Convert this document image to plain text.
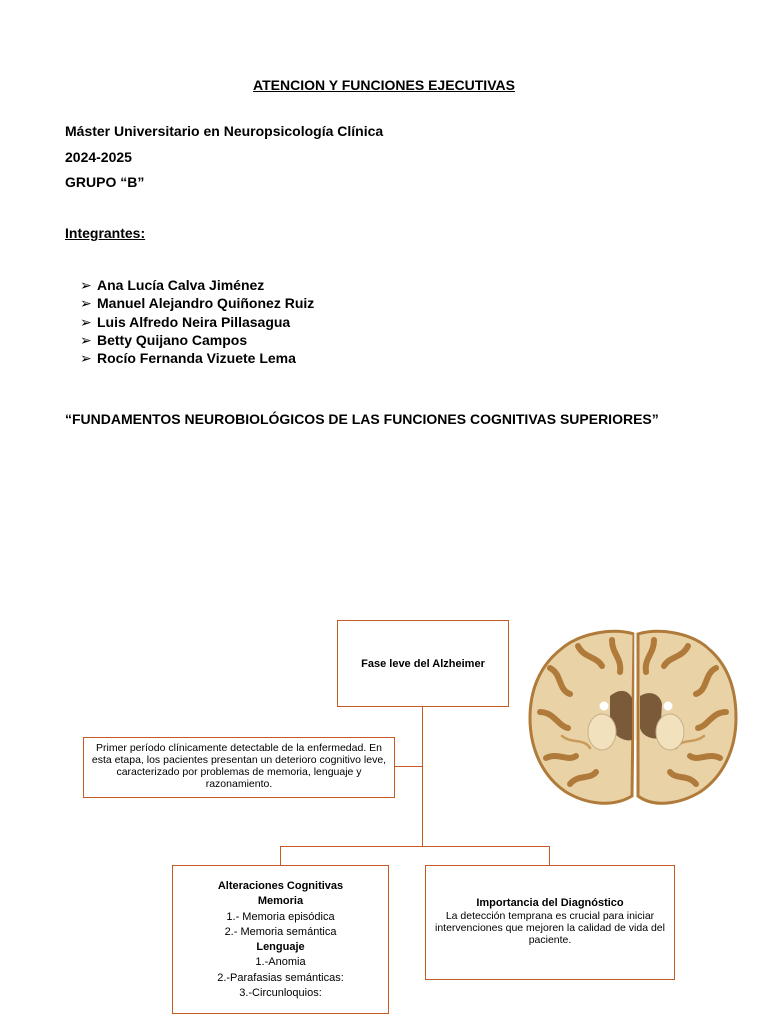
ATENCION Y FUNCIONES EJECUTIVAS
Máster Universitario en Neuropsicología Clínica
2024-2025
GRUPO “B”
Integrantes:
➢ Ana Lucía Calva Jiménez
➢ Manuel Alejandro Quiñonez Ruiz
➢ Luis Alfredo Neira Pillasagua
➢ Betty Quijano Campos
➢ Rocío Fernanda Vizuete Lema
“FUNDAMENTOS NEUROBIOLÓGICOS DE LAS FUNCIONES COGNITIVAS SUPERIORES”
Fase leve del Alzheimer
Primer período clínicamente detectable de la enfermedad. En esta etapa, los pacientes presentan un deterioro cognitivo leve, caracterizado por problemas de memoria, lenguaje y razonamiento.
Alteraciones Cognitivas
Memoria
1.- Memoria episódica
2.- Memoria semántica
Lenguaje
1.-Anomia
2.-Parafasias semánticas:
3.-Circunloquios:
Importancia del Diagnóstico
La detección temprana es crucial para iniciar intervenciones que mejoren la calidad de vida del paciente.
